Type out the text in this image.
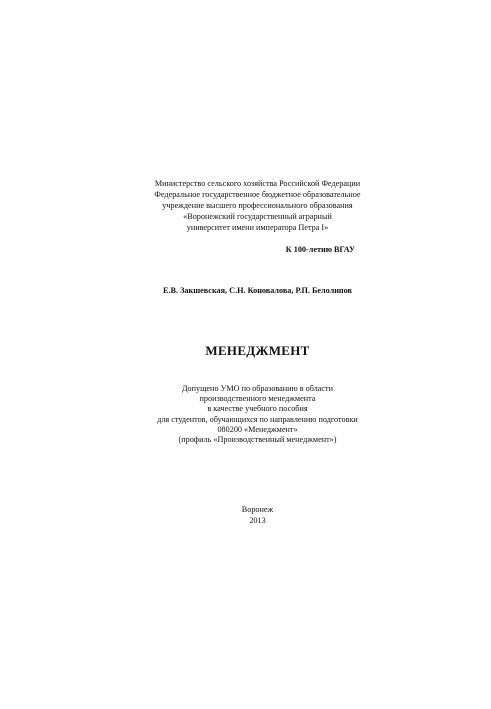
Министерство сельского хозяйства Российской Федерации
Федеральное государственное бюджетное образовательное
учреждение высшего профессионального образования
«Воронежский государственный аграрный
университет имени императора Петра I»
К 100-летию ВГАУ
Е.В. Закшевская, С.Н. Коновалова, Р.П. Белолипов
МЕНЕДЖМЕНТ
Допущено УМО по образованию в области
производственного менеджмента
в качестве учебного пособия
для студентов, обучающихся по направлению подготовки
080200 «Менеджмент»
(профиль «Производственный менеджмент»)
Воронеж
2013
